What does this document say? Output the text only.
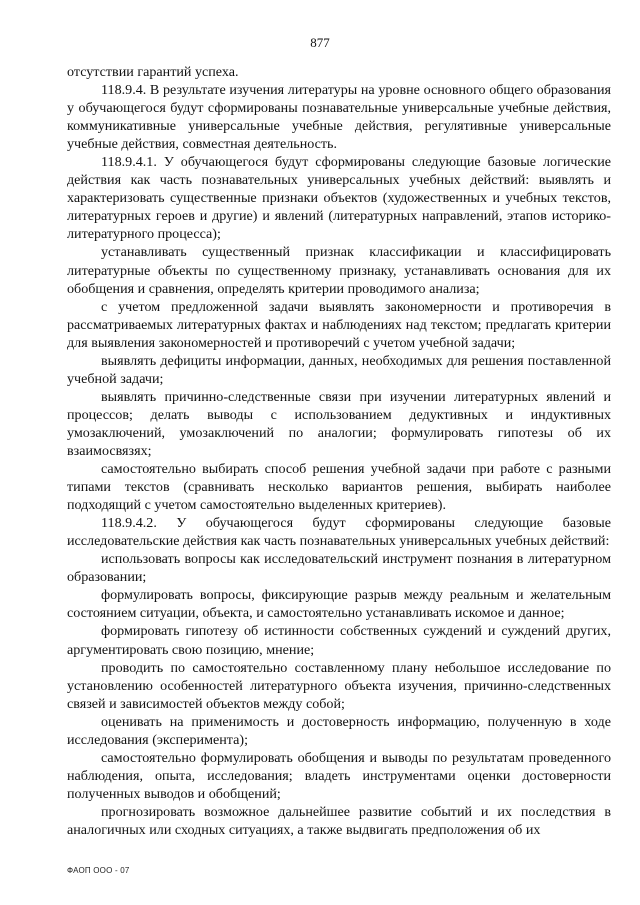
877

отсутствии гарантий успеха.

118.9.4. В результате изучения литературы на уровне основного общего образования у обучающегося будут сформированы познавательные универсальные учебные действия, коммуникативные универсальные учебные действия, регулятивные универсальные учебные действия, совместная деятельность.

118.9.4.1. У обучающегося будут сформированы следующие базовые логические действия как часть познавательных универсальных учебных действий: выявлять и характеризовать существенные признаки объектов (художественных и учебных текстов, литературных героев и другие) и явлений (литературных направлений, этапов историко-литературного процесса);

устанавливать существенный признак классификации и классифицировать литературные объекты по существенному признаку, устанавливать основания для их обобщения и сравнения, определять критерии проводимого анализа;

с учетом предложенной задачи выявлять закономерности и противоречия в рассматриваемых литературных фактах и наблюдениях над текстом; предлагать критерии для выявления закономерностей и противоречий с учетом учебной задачи;

выявлять дефициты информации, данных, необходимых для решения поставленной учебной задачи;

выявлять причинно-следственные связи при изучении литературных явлений и процессов; делать выводы с использованием дедуктивных и индуктивных умозаключений, умозаключений по аналогии; формулировать гипотезы об их взаимосвязях;

самостоятельно выбирать способ решения учебной задачи при работе с разными типами текстов (сравнивать несколько вариантов решения, выбирать наиболее подходящий с учетом самостоятельно выделенных критериев).

118.9.4.2. У обучающегося будут сформированы следующие базовые исследовательские действия как часть познавательных универсальных учебных действий:

использовать вопросы как исследовательский инструмент познания в литературном образовании;

формулировать вопросы, фиксирующие разрыв между реальным и желательным состоянием ситуации, объекта, и самостоятельно устанавливать искомое и данное;

формировать гипотезу об истинности собственных суждений и суждений других, аргументировать свою позицию, мнение;

проводить по самостоятельно составленному плану небольшое исследование по установлению особенностей литературного объекта изучения, причинно-следственных связей и зависимостей объектов между собой;

оценивать на применимость и достоверность информацию, полученную в ходе исследования (эксперимента);

самостоятельно формулировать обобщения и выводы по результатам проведенного наблюдения, опыта, исследования; владеть инструментами оценки достоверности полученных выводов и обобщений;

прогнозировать возможное дальнейшее развитие событий и их последствия в аналогичных или сходных ситуациях, а также выдвигать предположения об их

ФАОП ООО - 07
